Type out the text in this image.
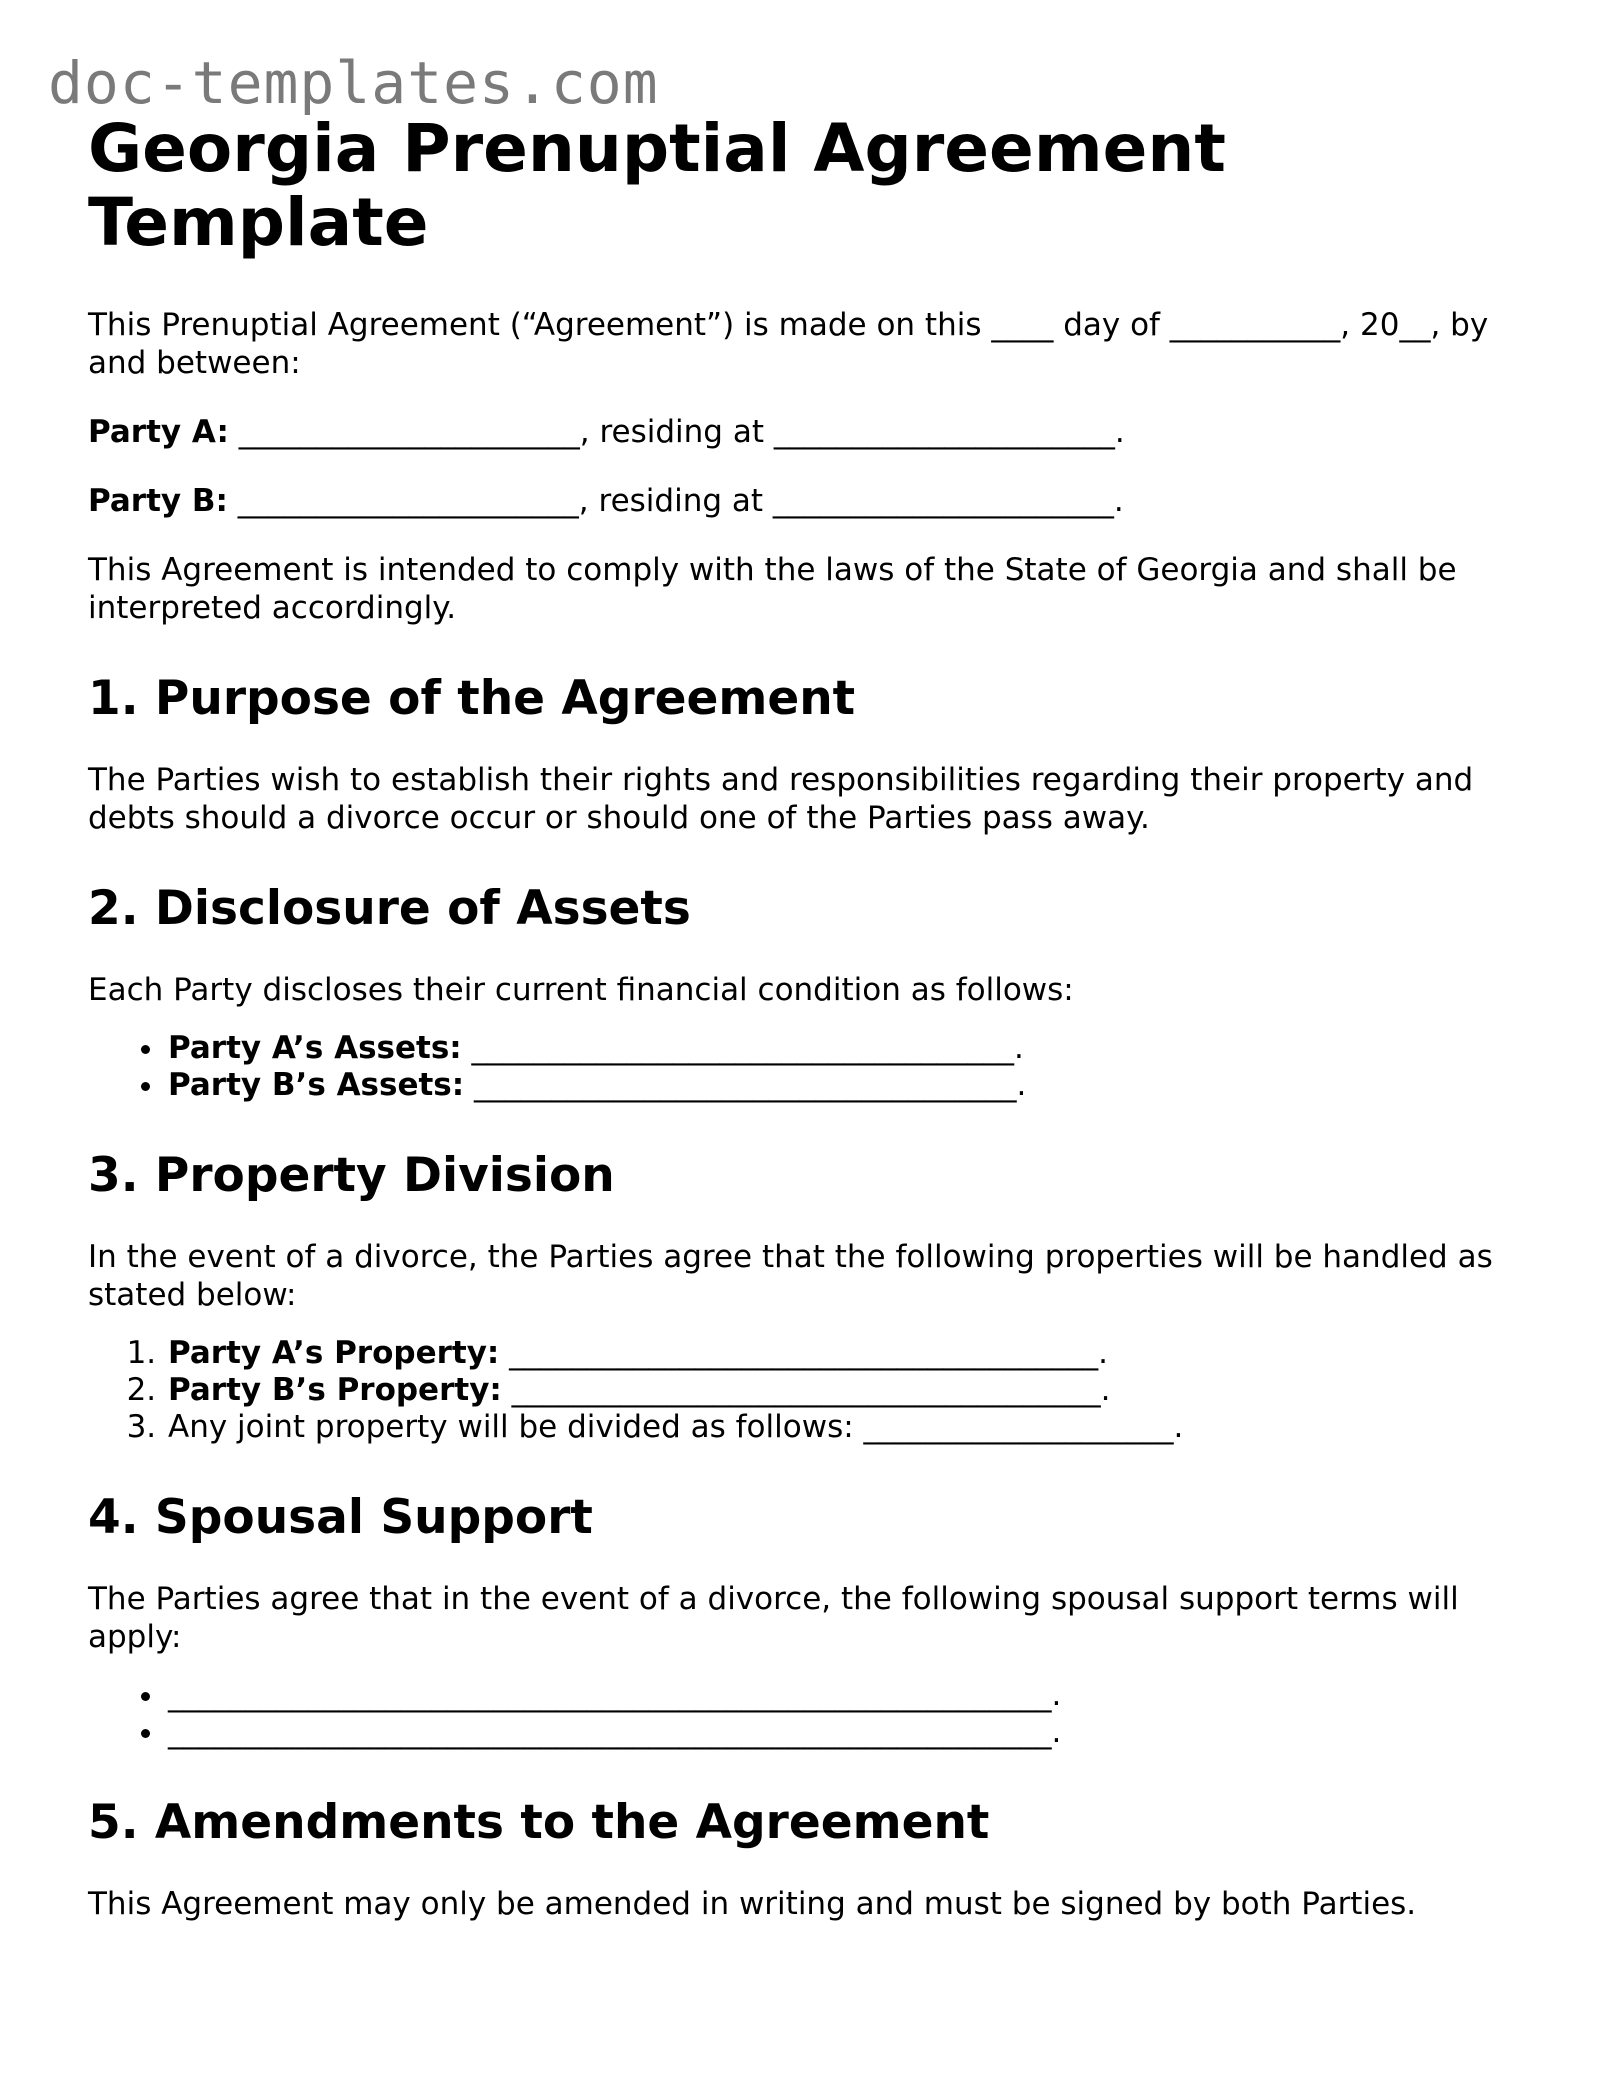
doc-templates.com
Georgia Prenuptial Agreement Template

This Prenuptial Agreement (“Agreement”) is made on this ____ day of ___________, 20__, by and between:

Party A: ______________________, residing at ______________________.

Party B: ______________________, residing at ______________________.

This Agreement is intended to comply with the laws of the State of Georgia and shall be interpreted accordingly.

1. Purpose of the Agreement

The Parties wish to establish their rights and responsibilities regarding their property and debts should a divorce occur or should one of the Parties pass away.

2. Disclosure of Assets

Each Party discloses their current financial condition as follows:

• Party A’s Assets: ___________________________________.
• Party B’s Assets: ___________________________________.
3. Property Division

In the event of a divorce, the Parties agree that the following properties will be handled as stated below:

1. Party A’s Property: ______________________________________.
2. Party B’s Property: ______________________________________.
3. Any joint property will be divided as follows: ____________________.
4. Spousal Support

The Parties agree that in the event of a divorce, the following spousal support terms will apply:

• _________________________________________________________.
• _________________________________________________________.
5. Amendments to the Agreement

This Agreement may only be amended in writing and must be signed by both Parties.
